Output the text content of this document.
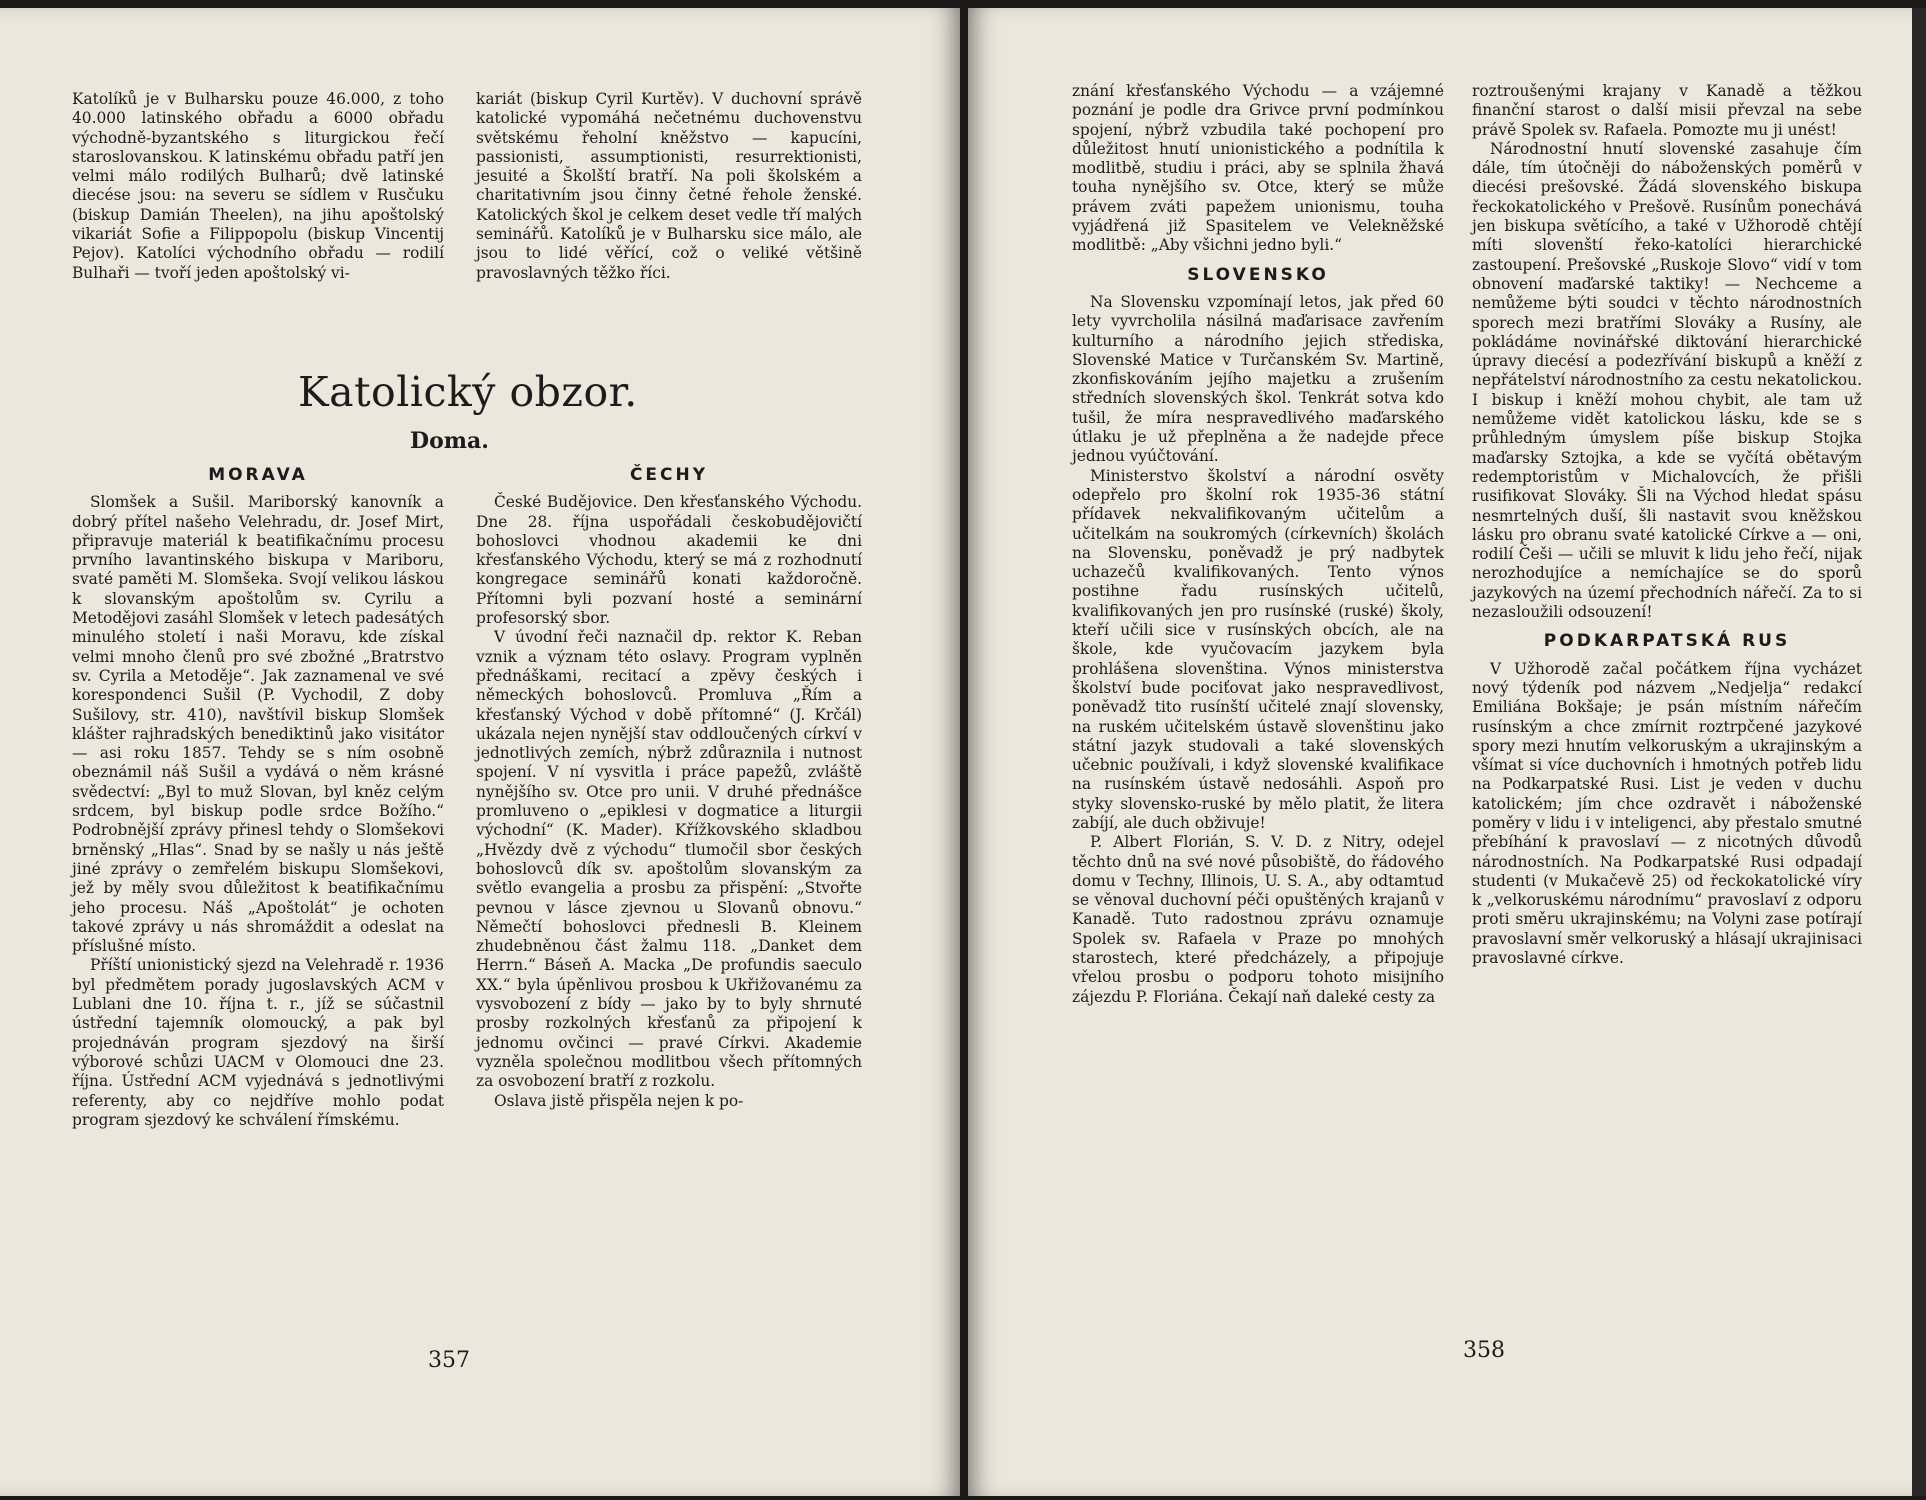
Katolíků je v Bulharsku pouze 46.000, z toho 40.000 latinského obřadu a 6000 obřadu východně-byzantského s liturgickou řečí staroslovanskou. K latinskému obřadu patří jen velmi málo rodilých Bulharů; dvě latinské diecése jsou: na severu se sídlem v Rusčuku (biskup Damián Theelen), na jihu apoštolský vikariát Sofie a Filippopolu (biskup Vincentij Pejov). Katolíci východního obřadu — rodilí Bulhaři — tvoří jeden apoštolský vi-

kariát (biskup Cyril Kurtěv). V duchovní správě katolické vypomáhá nečetnému duchovenstvu světskému řeholní kněžstvo — kapucíni, passionisti, assumptionisti, resurrektionisti, jesuité a Školští bratří. Na poli školském a charitativním jsou činny četné řehole ženské. Katolických škol je celkem deset vedle tří malých seminářů. Katolíků je v Bulharsku sice málo, ale jsou to lidé věřící, což o veliké většině pravoslavných těžko říci.

Katolický obzor.
Doma.
MORAVA

Slomšek a Sušil. Mariborský kanovník a dobrý přítel našeho Velehradu, dr. Josef Mirt, připravuje materiál k beatifikačnímu procesu prvního lavantinského biskupa v Mariboru, svaté paměti M. Slomšeka. Svojí velikou láskou k slovanským apoštolům sv. Cyrilu a Metodějovi zasáhl Slomšek v letech padesátých minulého století i naši Moravu, kde získal velmi mnoho členů pro své zbožné „Bratrstvo sv. Cyrila a Metoděje“. Jak zaznamenal ve své korespondenci Sušil (P. Vychodil, Z doby Sušilovy, str. 410), navštívil biskup Slomšek klášter rajhradských benediktinů jako visitátor — asi roku 1857. Tehdy se s ním osobně obeznámil náš Sušil a vydává o něm krásné svědectví: „Byl to muž Slovan, byl kněz celým srdcem, byl biskup podle srdce Božího.“ Podrobnější zprávy přinesl tehdy o Slomšekovi brněnský „Hlas“. Snad by se našly u nás ještě jiné zprávy o zemřelém biskupu Slomšekovi, jež by měly svou důležitost k beatifikačnímu jeho procesu. Náš „Apoštolát“ je ochoten takové zprávy u nás shromáždit a odeslat na příslušné místo.

Příští unionistický sjezd na Velehradě r. 1936 byl předmětem porady jugoslavských ACM v Lublani dne 10. října t. r., jíž se súčastnil ústřední tajemník olomoucký, a pak byl projednáván program sjezdový na širší výborové schůzi UACM v Olomouci dne 23. října. Ústřední ACM vyjednává s jednotlivými referenty, aby co nejdříve mohlo podat program sjezdový ke schválení římskému.

ČECHY

České Budějovice. Den křesťanského Východu. Dne 28. října uspořádali českobudějovičtí bohoslovci vhodnou akademii ke dni křesťanského Východu, který se má z rozhodnutí kongregace seminářů konati každoročně. Přítomni byli pozvaní hosté a seminární profesorský sbor.

V úvodní řeči naznačil dp. rektor K. Reban vznik a význam této oslavy. Program vyplněn přednáškami, recitací a zpěvy českých i německých bohoslovců. Promluva „Řím a křesťanský Východ v době přítomné“ (J. Krčál) ukázala nejen nynější stav oddloučených církví v jednotlivých zemích, nýbrž zdůraznila i nutnost spojení. V ní vysvitla i práce papežů, zvláště nynějšího sv. Otce pro unii. V druhé přednášce promluveno o „epiklesi v dogmatice a liturgii východní“ (K. Mader). Křížkovského skladbou „Hvězdy dvě z východu“ tlumočil sbor českých bohoslovců dík sv. apoštolům slovanským za světlo evangelia a prosbu za přispění: „Stvořte pevnou v lásce zjevnou u Slovanů obnovu.“ Němečtí bohoslovci přednesli B. Kleinem zhudebněnou část žalmu 118. „Danket dem Herrn.“ Báseň A. Macka „De profundis saeculo XX.“ byla úpěnlivou prosbou k Ukřižovanému za vysvobození z bídy — jako by to byly shrnuté prosby rozkolných křesťanů za připojení k jednomu ovčinci — pravé Církvi. Akademie vyzněla společnou modlitbou všech přítomných za osvobození bratří z rozkolu.

Oslava jistě přispěla nejen k po-

357

znání křesťanského Východu — a vzájemné poznání je podle dra Grivce první podmínkou spojení, nýbrž vzbudila také pochopení pro důležitost hnutí unionistického a podnítila k modlitbě, studiu i práci, aby se splnila žhavá touha nynějšího sv. Otce, který se může právem zváti papežem unionismu, touha vyjádřená již Spasitelem ve Velekněžské modlitbě: „Aby všichni jedno byli.“

SLOVENSKO

Na Slovensku vzpomínají letos, jak před 60 lety vyvrcholila násilná maďarisace zavřením kulturního a národního jejich střediska, Slovenské Matice v Turčanském Sv. Martině, zkonfiskováním jejího majetku a zrušením středních slovenských škol. Tenkrát sotva kdo tušil, že míra nespravedlivého maďarského útlaku je už přeplněna a že nadejde přece jednou vyúčtování.

Ministerstvo školství a národní osvěty odepřelo pro školní rok 1935-36 státní přídavek nekvalifikovaným učitelům a učitelkám na soukromých (církevních) školách na Slovensku, poněvadž je prý nadbytek uchazečů kvalifikovaných. Tento výnos postihne řadu rusínských učitelů, kvalifikovaných jen pro rusínské (ruské) školy, kteří učili sice v rusínských obcích, ale na škole, kde vyučovacím jazykem byla prohlášena slovenština. Výnos ministerstva školství bude pociťovat jako nespravedlivost, poněvadž tito rusínští učitelé znají slovensky, na ruském učitelském ústavě slovenštinu jako státní jazyk studovali a také slovenských učebnic používali, i když slovenské kvalifikace na rusínském ústavě nedosáhli. Aspoň pro styky slovensko-ruské by mělo platit, že litera zabíjí, ale duch obživuje!

P. Albert Florián, S. V. D. z Nitry, odejel těchto dnů na své nové působiště, do řádového domu v Techny, Illinois, U. S. A., aby odtamtud se věnoval duchovní péči opuštěných krajanů v Kanadě. Tuto radostnou zprávu oznamuje Spolek sv. Rafaela v Praze po mnohých starostech, které předcházely, a připojuje vřelou prosbu o podporu tohoto misijního zájezdu P. Floriána. Čekají naň daleké cesty za

roztroušenými krajany v Kanadě a těžkou finanční starost o další misii převzal na sebe právě Spolek sv. Rafaela. Pomozte mu ji unést!

Národnostní hnutí slovenské zasahuje čím dále, tím útočněji do náboženských poměrů v diecési prešovské. Žádá slovenského biskupa řeckokatolického v Prešově. Rusínům ponechává jen biskupa světícího, a také v Užhorodě chtějí míti slovenští řeko-katolíci hierarchické zastoupení. Prešovské „Ruskoje Slovo“ vidí v tom obnovení maďarské taktiky! — Nechceme a nemůžeme býti soudci v těchto národnostních sporech mezi bratřími Slováky a Rusíny, ale pokládáme novinářské diktování hierarchické úpravy diecésí a podezřívání biskupů a kněží z nepřátelství národnostního za cestu nekatolickou. I biskup i kněží mohou chybit, ale tam už nemůžeme vidět katolickou lásku, kde se s průhledným úmyslem píše biskup Stojka maďarsky Sztojka, a kde se vyčítá obětavým redemptoristům v Michalovcích, že přišli rusifikovat Slováky. Šli na Východ hledat spásu nesmrtelných duší, šli nastavit svou kněžskou lásku pro obranu svaté katolické Církve a — oni, rodilí Češi — učili se mluvit k lidu jeho řečí, nijak nerozhodujíce a nemíchajíce se do sporů jazykových na území přechodních nářečí. Za to si nezasloužili odsouzení!

PODKARPATSKÁ RUS

V Užhorodě začal počátkem října vycházet nový týdeník pod názvem „Nedjelja“ redakcí Emiliána Bokšaje; je psán místním nářečím rusínským a chce zmírnit roztrpčené jazykové spory mezi hnutím velkoruským a ukrajinským a všímat si více duchovních i hmotných potřeb lidu na Podkarpatské Rusi. List je veden v duchu katolickém; jím chce ozdravět i náboženské poměry v lidu i v inteligenci, aby přestalo smutné přebíhání k pravoslaví — z nicotných důvodů národnostních. Na Podkarpatské Rusi odpadají studenti (v Mukačevě 25) od řeckokatolické víry k „velkoruskému národnímu“ pravoslaví z odporu proti směru ukrajinskému; na Volyni zase potírají pravoslavní směr velkoruský a hlásají ukrajinisaci pravoslavné církve.

358
